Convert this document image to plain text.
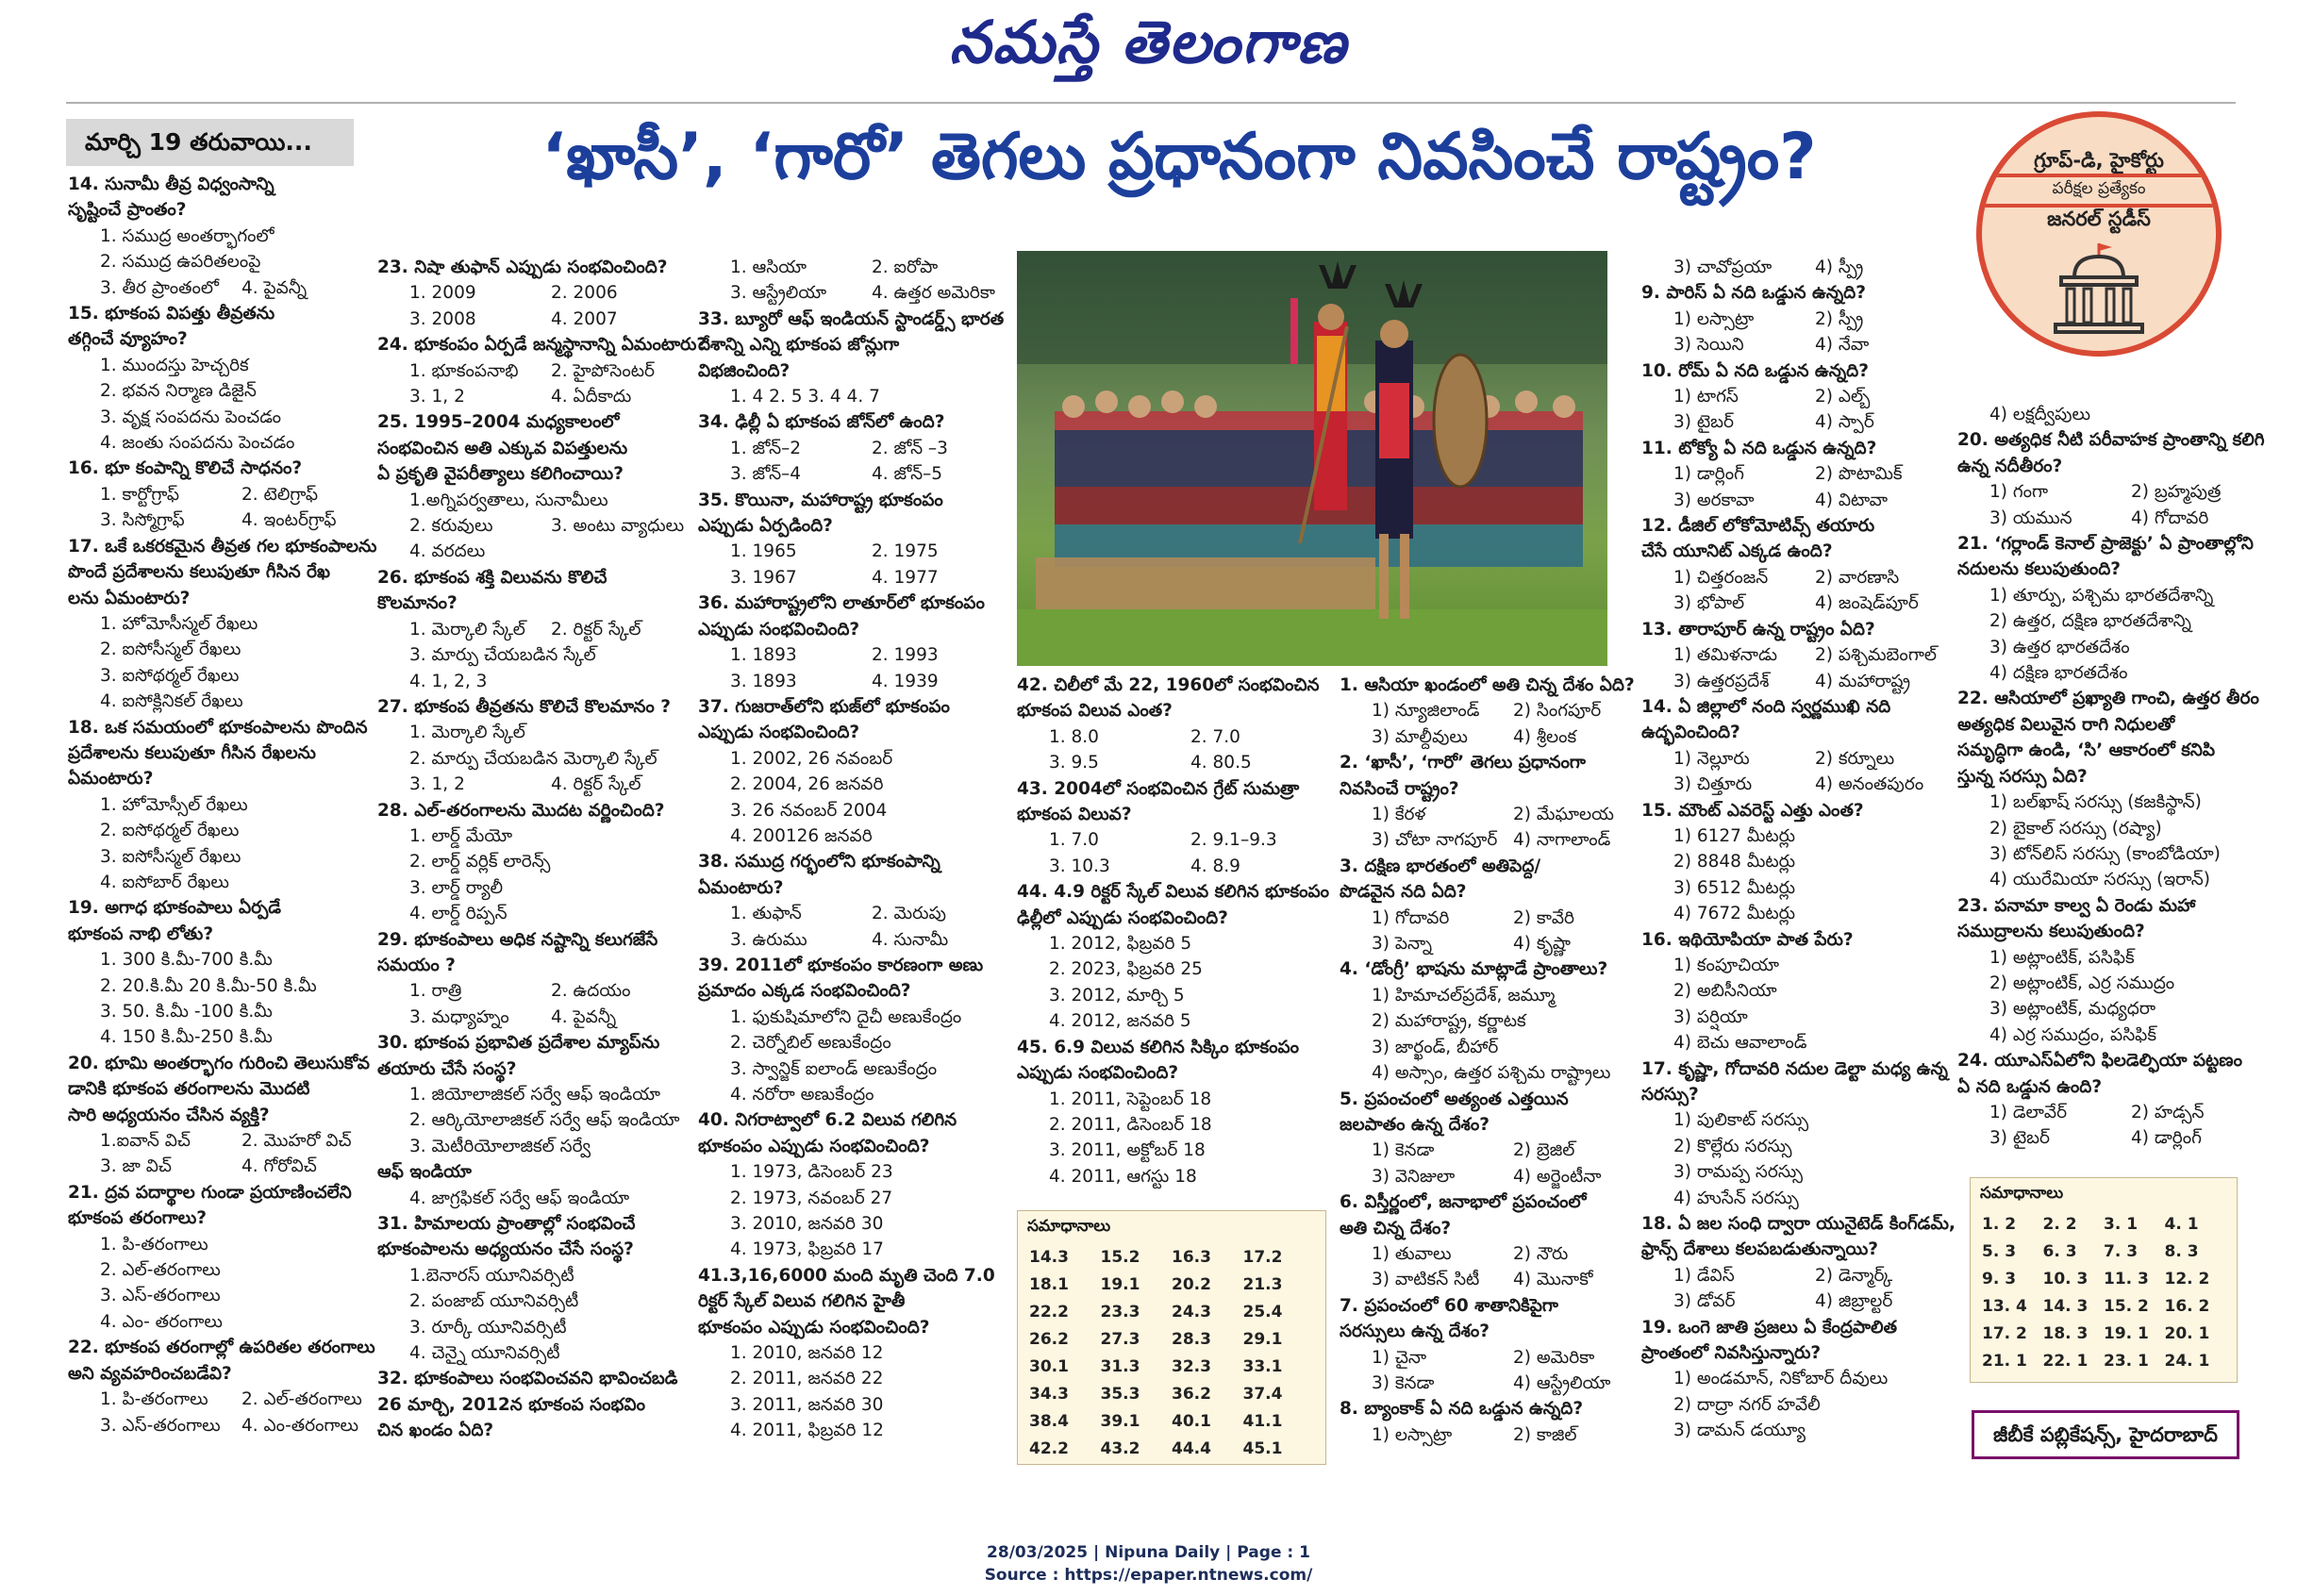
నమస్తే తెలంగాణ
మార్చి 19 తరువాయి...	‘ఖాసీ’, ‘గారో’ తెగలు ప్రధానంగా నివసించే రాష్ట్రం?	గ్రూప్-డి, హైకోర్టు
పరీక్షల ప్రత్యేకం
జనరల్ స్టడీస్
14. సునామీ తీవ్ర విధ్వంసాన్ని
సృష్టించే ప్రాంతం?
1. సముద్ర అంతర్భాగంలో
2. సముద్ర ఉపరితలంపై
3. తీర ప్రాంతంలో	4. పైవన్నీ
15. భూకంప విపత్తు తీవ్రతను
తగ్గించే వ్యూహం?
1. ముందస్తు హెచ్చరిక
2. భవన నిర్మాణ డిజైన్
3. వృక్ష సంపదను పెంచడం
4. జంతు సంపదను పెంచడం
16. భూ కంపాన్ని కొలిచే సాధనం?
1. కార్టోగ్రాఫ్	2. టెలిగ్రాఫ్
3. సిస్మోగ్రాఫ్	4. ఇంటర్‌గ్రాఫ్
17. ఒకే ఒకరకమైన తీవ్రత గల భూకంపాలను
పొందే ప్రదేశాలను కలుపుతూ గీసిన రేఖ
లను ఏమంటారు?
1. హోమోసీస్మల్ రేఖలు
2. ఐసోసీస్మల్ రేఖలు
3. ఐసోథర్మల్ రేఖలు
4. ఐసోక్లినికల్ రేఖలు
18. ఒక సమయంలో భూకంపాలను పొందిన
ప్రదేశాలను కలుపుతూ గీసిన రేఖలను
ఏమంటారు?
1. హోమోస్సీల్ రేఖలు
2. ఐసోథర్మల్ రేఖలు
3. ఐసోసీస్మల్ రేఖలు
4. ఐసోబార్ రేఖలు
19. అగాధ భూకంపాలు ఏర్పడే
భూకంప నాభి లోతు?
1. 300 కి.మీ-700 కి.మీ
2. 20.కి.మీ 20 కి.మీ-50 కి.మీ
3. 50. కి.మీ -100 కి.మీ
4. 150 కి.మీ-250 కి.మీ
20. భూమి అంతర్భాగం గురించి తెలుసుకోవ
డానికి భూకంప తరంగాలను మొదటి
సారి అధ్యయనం చేసిన వ్యక్తి?
1.ఐవాన్ విచ్	2. మొహరో విచ్
3. జా విచ్	4. గోరోవిచ్
21. ద్రవ పదార్థాల గుండా ప్రయాణించలేని
భూకంప తరంగాలు?
1. పి-తరంగాలు
2. ఎల్-తరంగాలు
3. ఎస్-తరంగాలు
4. ఎం- తరంగాలు
22. భూకంప తరంగాల్లో ఉపరితల తరంగాలు
అని వ్యవహరించబడేవి?
1. పి-తరంగాలు	2. ఎల్-తరంగాలు
3. ఎస్-తరంగాలు	4. ఎం-తరంగాలు
23. నిషా తుఫాన్ ఎప్పుడు సంభవించింది?
1. 2009	2. 2006
3. 2008	4. 2007
24. భూకంపం ఏర్పడే జన్మస్థానాన్ని ఏమంటారు?
1. భూకంపనాభి	2. హైపోసెంటర్
3. 1, 2	4. ఏదీకాదు
25. 1995–2004 మధ్యకాలంలో
సంభవించిన అతి ఎక్కువ విపత్తులను
ఏ ప్రకృతి వైపరీత్యాలు కలిగించాయి?
1.అగ్నిపర్వతాలు, సునామీలు
2. కరువులు	3. అంటు వ్యాధులు
4. వరదలు
26. భూకంప శక్తి విలువను కొలిచే
కొలమానం?
1. మెర్కాలి స్కేల్	2. రిక్టర్ స్కేల్
3. మార్పు చేయబడిన స్కేల్
4. 1, 2, 3
27. భూకంప తీవ్రతను కొలిచే కొలమానం ?
1. మెర్కాలి స్కేల్
2. మార్పు చేయబడిన మెర్కాలి స్కేల్
3. 1, 2	4. రిక్టర్ స్కేల్
28. ఎల్-తరంగాలను మొదట వర్ణించింది?
1. లార్డ్ మేయో
2. లార్డ్ వర్లిక్ లారెన్స్
3. లార్డ్ ర్యాలీ
4. లార్డ్ రిప్పన్
29. భూకంపాలు అధిక నష్టాన్ని కలుగజేసే
సమయం ?
1. రాత్రి	2. ఉదయం
3. మధ్యాహ్నం	4. పైవన్నీ
30. భూకంప ప్రభావిత ప్రదేశాల మ్యాప్‌ను
తయారు చేసే సంస్థ?
1. జియోలాజికల్ సర్వే ఆఫ్ ఇండియా
2. ఆర్కియోలాజికల్ సర్వే ఆఫ్ ఇండియా
3. మెటీరియోలాజికల్ సర్వే
ఆఫ్ ఇండియా
4. జాగ్రఫికల్ సర్వే ఆఫ్ ఇండియా
31. హిమాలయ ప్రాంతాల్లో సంభవించే
భూకంపాలను అధ్యయనం చేసే సంస్థ?
1.బెనారస్ యూనివర్సిటీ
2. పంజాబ్ యూనివర్సిటీ
3. రూర్కీ యూనివర్సిటీ
4. చెన్నై యూనివర్సిటీ
32. భూకంపాలు సంభవించవని భావించబడి
26 మార్చి, 2012న భూకంప సంభవిం
చిన ఖండం ఏది?
1. ఆసియా	2. ఐరోపా
3. ఆస్ట్రేలియా	4. ఉత్తర అమెరికా
33. బ్యూరో ఆఫ్ ఇండియన్ స్టాండర్డ్స్ భారత
దేశాన్ని ఎన్ని భూకంప జోన్లుగా
విభజించింది?
1. 4 2. 5 3. 4 4. 7
34. ఢిల్లీ ఏ భూకంప జోన్‌లో ఉంది?
1. జోన్–2	2. జోన్ –3
3. జోన్–4	4. జోన్–5
35. కొయినా, మహారాష్ట్ర భూకంపం
ఎప్పుడు ఏర్పడింది?
1. 1965	2. 1975
3. 1967	4. 1977
36. మహారాష్ట్రలోని లాతూర్‌లో భూకంపం
ఎప్పుడు సంభవించింది?
1. 1893	2. 1993
3. 1893	4. 1939
37. గుజరాత్‌లోని భుజ్‌లో భూకంపం
ఎప్పుడు సంభవించింది?
1. 2002, 26 నవంబర్
2. 2004, 26 జనవరి
3. 26 నవంబర్ 2004
4. 200126 జనవరి
38. సముద్ర గర్భంలోని భూకంపాన్ని
ఏమంటారు?
1. తుఫాన్	2. మెరుపు
3. ఉరుము	4. సునామీ
39. 2011లో భూకంపం కారణంగా అణు
ప్రమాదం ఎక్కడ సంభవించింది?
1. ఫుకుషిమాలోని దైచీ అణుకేంద్రం
2. చెర్నోబిల్ అణుకేంద్రం
3. స్వాన్జిక్ ఐలాండ్ అణుకేంద్రం
4. నరోరా అణుకేంద్రం
40. నిగరాట్వాలో 6.2 విలువ గలిగిన
భూకంపం ఎప్పుడు సంభవించింది?
1. 1973, డిసెంబర్ 23
2. 1973, నవంబర్ 27
3. 2010, జనవరి 30
4. 1973, ఫిబ్రవరి 17
41.3,16,6000 మంది మృతి చెంది 7.0
రిక్టర్ స్కేల్ విలువ గలిగిన హైతీ
భూకంపం ఎప్పుడు సంభవించింది?
1. 2010, జనవరి 12
2. 2011, జనవరి 22
3. 2011, జనవరి 30
4. 2011, ఫిబ్రవరి 12
42. చిలీలో మే 22, 1960లో సంభవించిన
భూకంప విలువ ఎంత?
1. 8.0	2. 7.0
3. 9.5	4. 80.5
43. 2004లో సంభవించిన గ్రేట్ సుమత్రా
భూకంప విలువ?
1. 7.0	2. 9.1–9.3
3. 10.3	4. 8.9
44. 4.9 రిక్టర్ స్కేల్ విలువ కలిగిన భూకంపం
ఢిల్లీలో ఎప్పుడు సంభవించింది?
1. 2012, ఫిబ్రవరి 5
2. 2023, ఫిబ్రవరి 25
3. 2012, మార్చి 5
4. 2012, జనవరి 5
45. 6.9 విలువ కలిగిన సిక్కిం భూకంపం
ఎప్పుడు సంభవించింది?
1. 2011, సెప్టెంబర్ 18
2. 2011, డిసెంబర్ 18
3. 2011, అక్టోబర్ 18
4. 2011, ఆగస్టు 18
1. ఆసియా ఖండంలో అతి చిన్న దేశం ఏది?
1) న్యూజిలాండ్	2) సింగపూర్
3) మాల్దీవులు	4) శ్రీలంక
2. ‘ఖాసీ’, ‘గారో’ తెగలు ప్రధానంగా
నివసించే రాష్ట్రం?
1) కేరళ	2) మేఘాలయ
3) చోటా నాగపూర్ 4) నాగాలాండ్
3. దక్షిణ భారతంలో అతిపెద్ద/
పొడవైన నది ఏది?
1) గోదావరి	2) కావేరి
3) పెన్నా	4) కృష్ణా
4. ‘డోంగ్రీ’ భాషను మాట్లాడే ప్రాంతాలు?
1) హిమాచల్‌ప్రదేశ్, జమ్మూ
2) మహారాష్ట్ర, కర్ణాటక
3) జార్ఖండ్, బీహార్
4) అస్సాం, ఉత్తర పశ్చిమ రాష్ట్రాలు
5. ప్రపంచంలో అత్యంత ఎత్తయిన
జలపాతం ఉన్న దేశం?
1) కెనడా	2) బ్రెజిల్
3) వెనిజులా	4) అర్జెంటీనా
6. విస్తీర్ణంలో, జనాభాలో ప్రపంచంలో
అతి చిన్న దేశం?
1) తువాలు	2) నౌరు
3) వాటికన్ సిటీ	4) మొనాకో
7. ప్రపంచంలో 60 శాతానికిపైగా
సరస్సులు ఉన్న దేశం?
1) చైనా	2) అమెరికా
3) కెనడా	4) ఆస్ట్రేలియా
8. బ్యాంకాక్ ఏ నది ఒడ్డున ఉన్నది?
1) లస్సాట్రా	2) కాజిల్
3) చావోప్రయా	4) స్ప్రీ
9. పారిస్ ఏ నది ఒడ్డున ఉన్నది?
1) లస్సాట్రా	2) స్ప్రీ
3) సెయిని	4) నేవా
10. రోమ్ ఏ నది ఒడ్డున ఉన్నది?
1) టాగస్	2) ఎల్బ్
3) టైబర్	4) స్పార్
11. టోక్యో ఏ నది ఒడ్డున ఉన్నది?
1) డార్లింగ్	2) పొటామిక్
3) అరకావా	4) విటావా
12. డీజిల్ లోకోమోటివ్స్ తయారు
చేసే యూనిట్ ఎక్కడ ఉంది?
1) చిత్తరంజన్	2) వారణాసి
3) భోపాల్	4) జంషెడ్‌పూర్
13. తారాపూర్ ఉన్న రాష్ట్రం ఏది?
1) తమిళనాడు	2) పశ్చిమబెంగాల్
3) ఉత్తరప్రదేశ్	4) మహారాష్ట్ర
14. ఏ జిల్లాలో నంది స్వర్ణముఖి నది
ఉద్భవించింది?
1) నెల్లూరు	2) కర్నూలు
3) చిత్తూరు	4) అనంతపురం
15. మౌంట్ ఎవరెస్ట్ ఎత్తు ఎంత?
1) 6127 మీటర్లు
2) 8848 మీటర్లు
3) 6512 మీటర్లు
4) 7672 మీటర్లు
16. ఇథియోపియా పాత పేరు?
1) కంపూచియా
2) అబిసీనియా
3) పర్షియా
4) బెచు ఆవాలాండ్
17. కృష్ణా, గోదావరి నదుల డెల్టా మధ్య ఉన్న
సరస్సు?
1) పులికాట్ సరస్సు
2) కొల్లేరు సరస్సు
3) రామప్ప సరస్సు
4) హుసేన్ సరస్సు
18. ఏ జల సంధి ద్వారా యునైటెడ్ కింగ్‌డమ్,
ఫ్రాన్స్ దేశాలు కలపబడుతున్నాయి?
1) డేవిస్	2) డెన్మార్క్
3) డోవర్	4) జిబ్రాల్టర్
19. ఒంగె జాతి ప్రజలు ఏ కేంద్రపాలిత
ప్రాంతంలో నివసిస్తున్నారు?
1) అండమాన్, నికోబార్ దీవులు
2) దాద్రా నగర్ హవేలీ
3) డామన్ డయ్యూ
4) లక్షద్వీపులు
20. అత్యధిక నీటి పరీవాహక ప్రాంతాన్ని కలిగి
ఉన్న నదీతీరం?
1) గంగా	2) బ్రహ్మపుత్ర
3) యమున	4) గోదావరి
21. ‘గర్లాండ్ కెనాల్ ప్రాజెక్టు’ ఏ ప్రాంతాల్లోని
నదులను కలుపుతుంది?
1) తూర్పు, పశ్చిమ భారతదేశాన్ని
2) ఉత్తర, దక్షిణ భారతదేశాన్ని
3) ఉత్తర భారతదేశం
4) దక్షిణ భారతదేశం
22. ఆసియాలో ప్రఖ్యాతి గాంచి, ఉత్తర తీరం
అత్యధిక విలువైన రాగి నిధులతో
సమృద్ధిగా ఉండి, ‘సి’ ఆకారంలో కనిపి
స్తున్న సరస్సు ఏది?
1) బల్‌ఖాష్ సరస్సు (కజకిస్థాన్)
2) బైకాల్ సరస్సు (రష్యా)
3) టోన్‌లిస్ సరస్సు (కాంబోడియా)
4) యురేమియా సరస్సు (ఇరాన్)
23. పనామా కాల్వ ఏ రెండు మహా
సముద్రాలను కలుపుతుంది?
1) అట్లాంటిక్, పసిఫిక్
2) అట్లాంటిక్, ఎర్ర సముద్రం
3) అట్లాంటిక్, మధ్యధరా
4) ఎర్ర సముద్రం, పసిఫిక్
24. యూఎస్ఏలోని ఫిలడెల్ఫియా పట్టణం
ఏ నది ఒడ్డున ఉంది?
1) డెలావేర్	2) హడ్సన్
3) టైబర్	4) డార్లింగ్
సమాధానాలు
14.3	15.2	16.3	17.2
18.1	19.1	20.2	21.3
22.2	23.3	24.3	25.4
26.2	27.3	28.3	29.1
30.1	31.3	32.3	33.1
34.3	35.3	36.2	37.4
38.4	39.1	40.1	41.1
42.2	43.2	44.4	45.1
సమాధానాలు
1. 2	2. 2	3. 1	4. 1
5. 3	6. 3	7. 3	8. 3
9. 3	10. 3	11. 3	12. 2
13. 4	14. 3	15. 2	16. 2
17. 2	18. 3	19. 1	20. 1
21. 1	22. 1	23. 1	24. 1
జీబీకే పబ్లికేషన్స్, హైదరాబాద్
28/03/2025 | Nipuna Daily | Page : 1
Source : https://epaper.ntnews.com/
